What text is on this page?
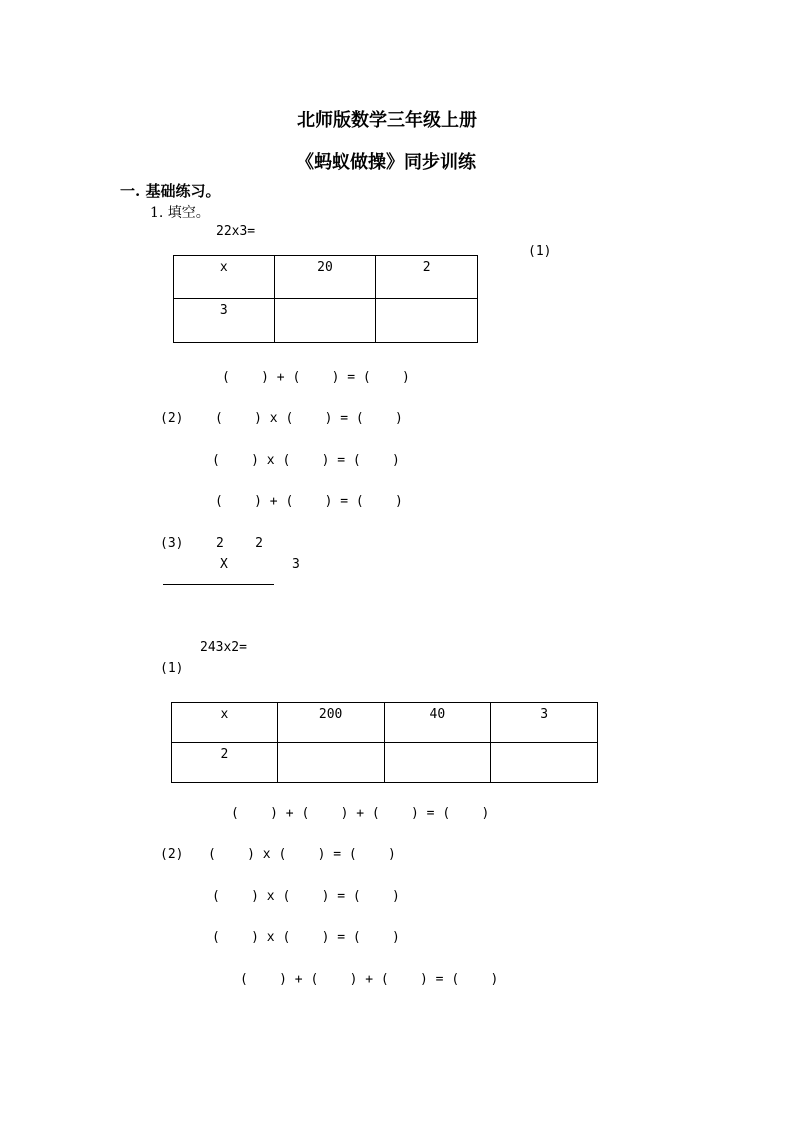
北师版数学三年级上册
《蚂蚁做操》同步训练
一. 基础练习。
1. 填空。
22x3=
(1)
x	20	2
3		
(    ) + (    ) = (    )
(2) (    ) x (    ) = (    )
(    ) x (    ) = (    )
(    ) + (    ) = (    )
(3)	2    2
X	3
243x2=
(1)
x	200	40	3
2			
(    ) + (    ) + (    ) = (    )
(2) (    ) x (    ) = (    )
(    ) x (    ) = (    )
(    ) x (    ) = (    )
(    ) + (    ) + (    ) = (    )
